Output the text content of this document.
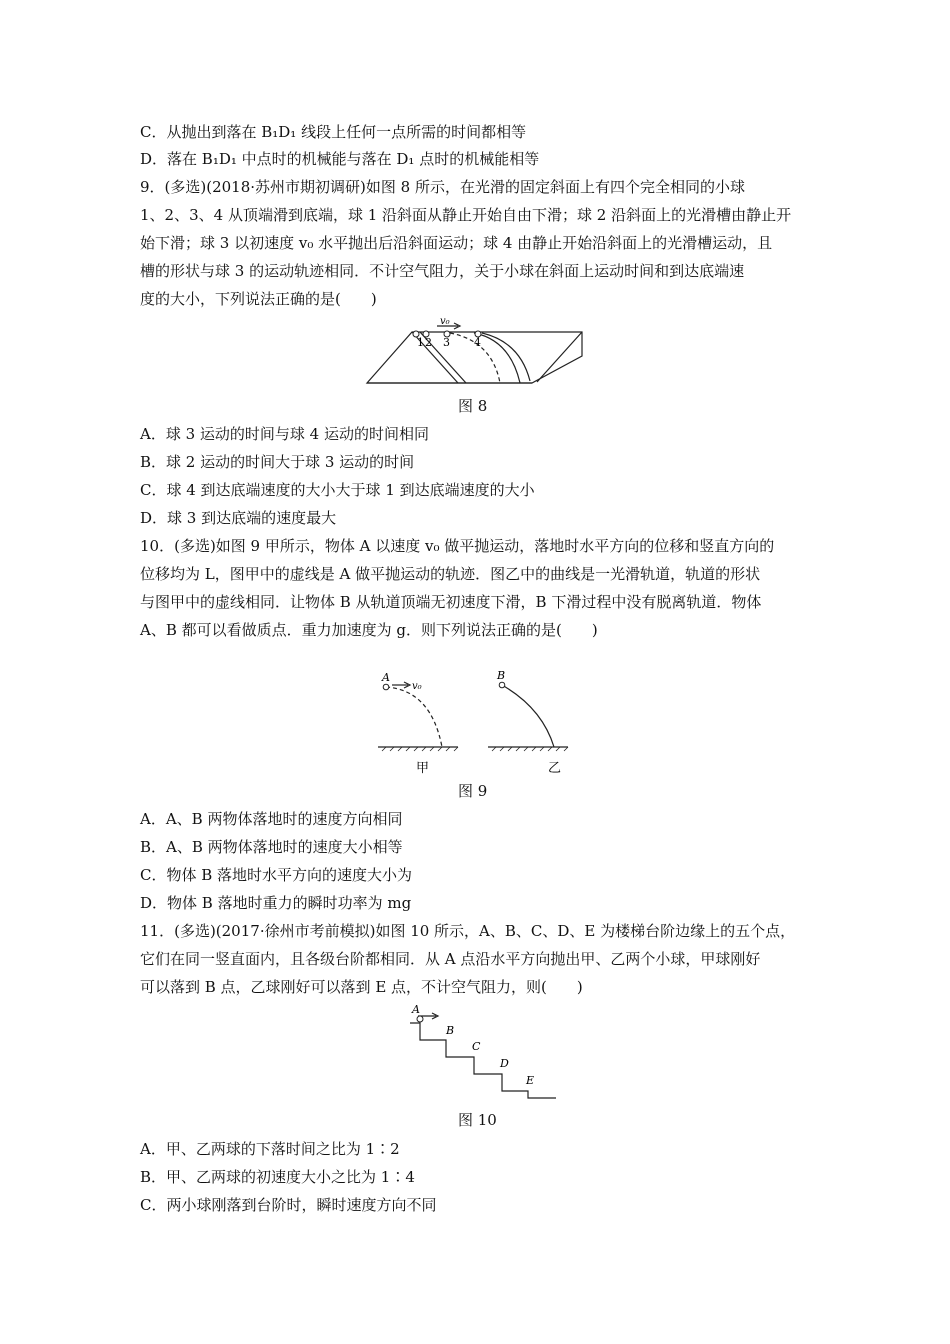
C．从抛出到落在 B₁D₁ 线段上任何一点所需的时间都相等
D．落在 B₁D₁ 中点时的机械能与落在 D₁ 点时的机械能相等
9．(多选)(2018·苏州市期初调研)如图 8 所示，在光滑的固定斜面上有四个完全相同的小球
1、2、3、4 从顶端滑到底端，球 1 沿斜面从静止开始自由下滑；球 2 沿斜面上的光滑槽由静止开
始下滑；球 3 以初速度 v₀ 水平抛出后沿斜面运动；球 4 由静止开始沿斜面上的光滑槽运动，且
槽的形状与球 3 的运动轨迹相同．不计空气阻力，关于小球在斜面上运动时间和到达底端速
度的大小，下列说法正确的是(　　)
v₀
1 2 3 4
图 8
A．球 3 运动的时间与球 4 运动的时间相同
B．球 2 运动的时间大于球 3 运动的时间
C．球 4 到达底端速度的大小大于球 1 到达底端速度的大小
D．球 3 到达底端的速度最大
10．(多选)如图 9 甲所示，物体 A 以速度 v₀ 做平抛运动，落地时水平方向的位移和竖直方向的
位移均为 L，图甲中的虚线是 A 做平抛运动的轨迹．图乙中的曲线是一光滑轨道，轨道的形状
与图甲中的虚线相同．让物体 B 从轨道顶端无初速度下滑，B 下滑过程中没有脱离轨道．物体
A、B 都可以看做质点．重力加速度为 g．则下列说法正确的是(　　)
A
v₀
B
甲	乙
图 9
A．A、B 两物体落地时的速度方向相同
B．A、B 两物体落地时的速度大小相等
C．物体 B 落地时水平方向的速度大小为
D．物体 B 落地时重力的瞬时功率为 mg
11．(多选)(2017·徐州市考前模拟)如图 10 所示，A、B、C、D、E 为楼梯台阶边缘上的五个点，
它们在同一竖直面内，且各级台阶都相同．从 A 点沿水平方向抛出甲、乙两个小球，甲球刚好
可以落到 B 点，乙球刚好可以落到 E 点，不计空气阻力，则(　　)
A
B
C
D
E
图 10
A．甲、乙两球的下落时间之比为 1∶2
B．甲、乙两球的初速度大小之比为 1∶4
C．两小球刚落到台阶时，瞬时速度方向不同
